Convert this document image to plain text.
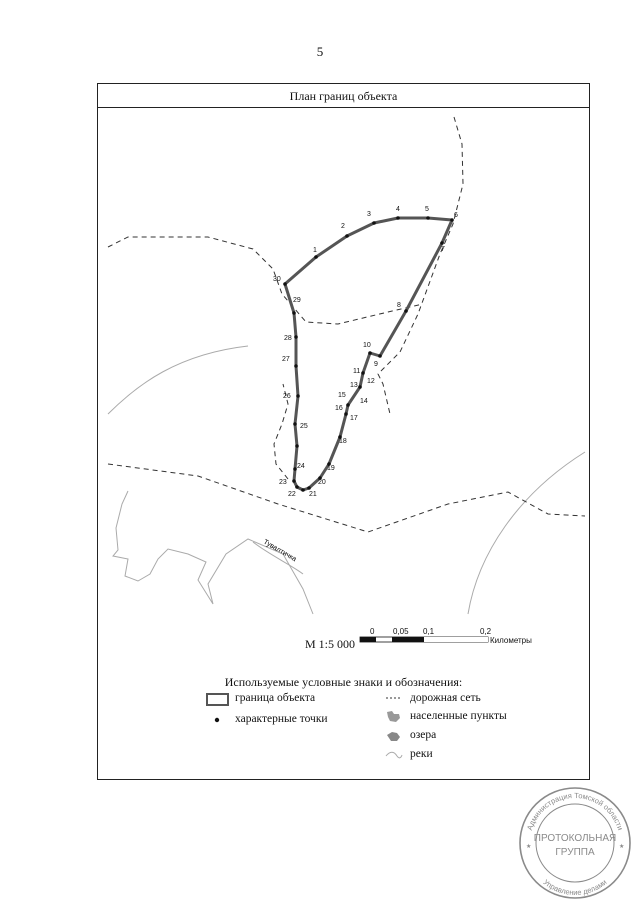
5
Тувалтичка
1
2
3
4	5
6
7
8
9
10
11
12
13
14
15
16
17
18
19
20
21
22
23
24
25
26
27
28
29
30
0 0,05 0,1	0,2
Километры
План границ объекта
М 1:5 000
Используемые условные знаки и обозначения:
граница объекта
характерные точки
дорожная сеть
населенные пункты
озера
реки
Администрация Томской области
Управление делами
ПРОТОКОЛЬНАЯ
ГРУППА
★	★
